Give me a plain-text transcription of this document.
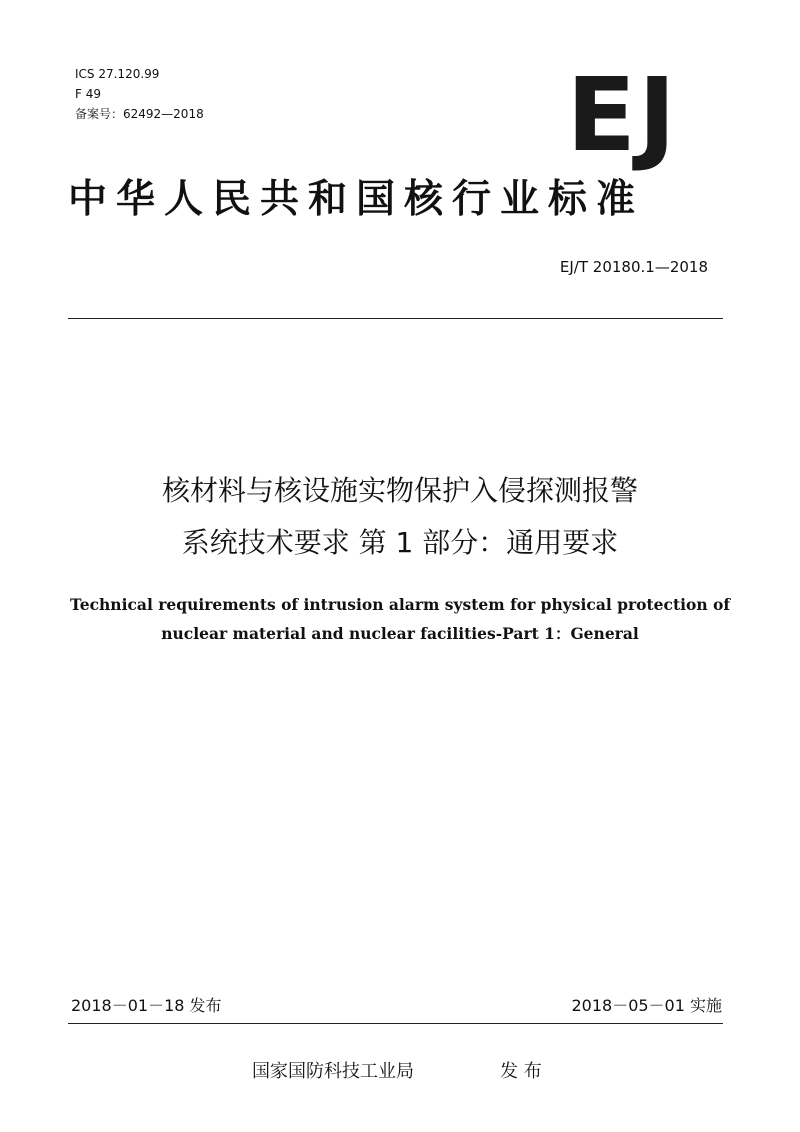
ICS 27.120.99
F 49
备案号：62492—2018	EJ
中华人民共和国核行业标准
EJ/T 20180.1—2018
核材料与核设施实物保护入侵探测报警
系统技术要求 第 1 部分：通用要求
Technical requirements of intrusion alarm system for physical protection of
nuclear material and nuclear facilities-Part 1：General
2018－01－18 发布	2018－05－01 实施
国家国防科技工业局	发 布
